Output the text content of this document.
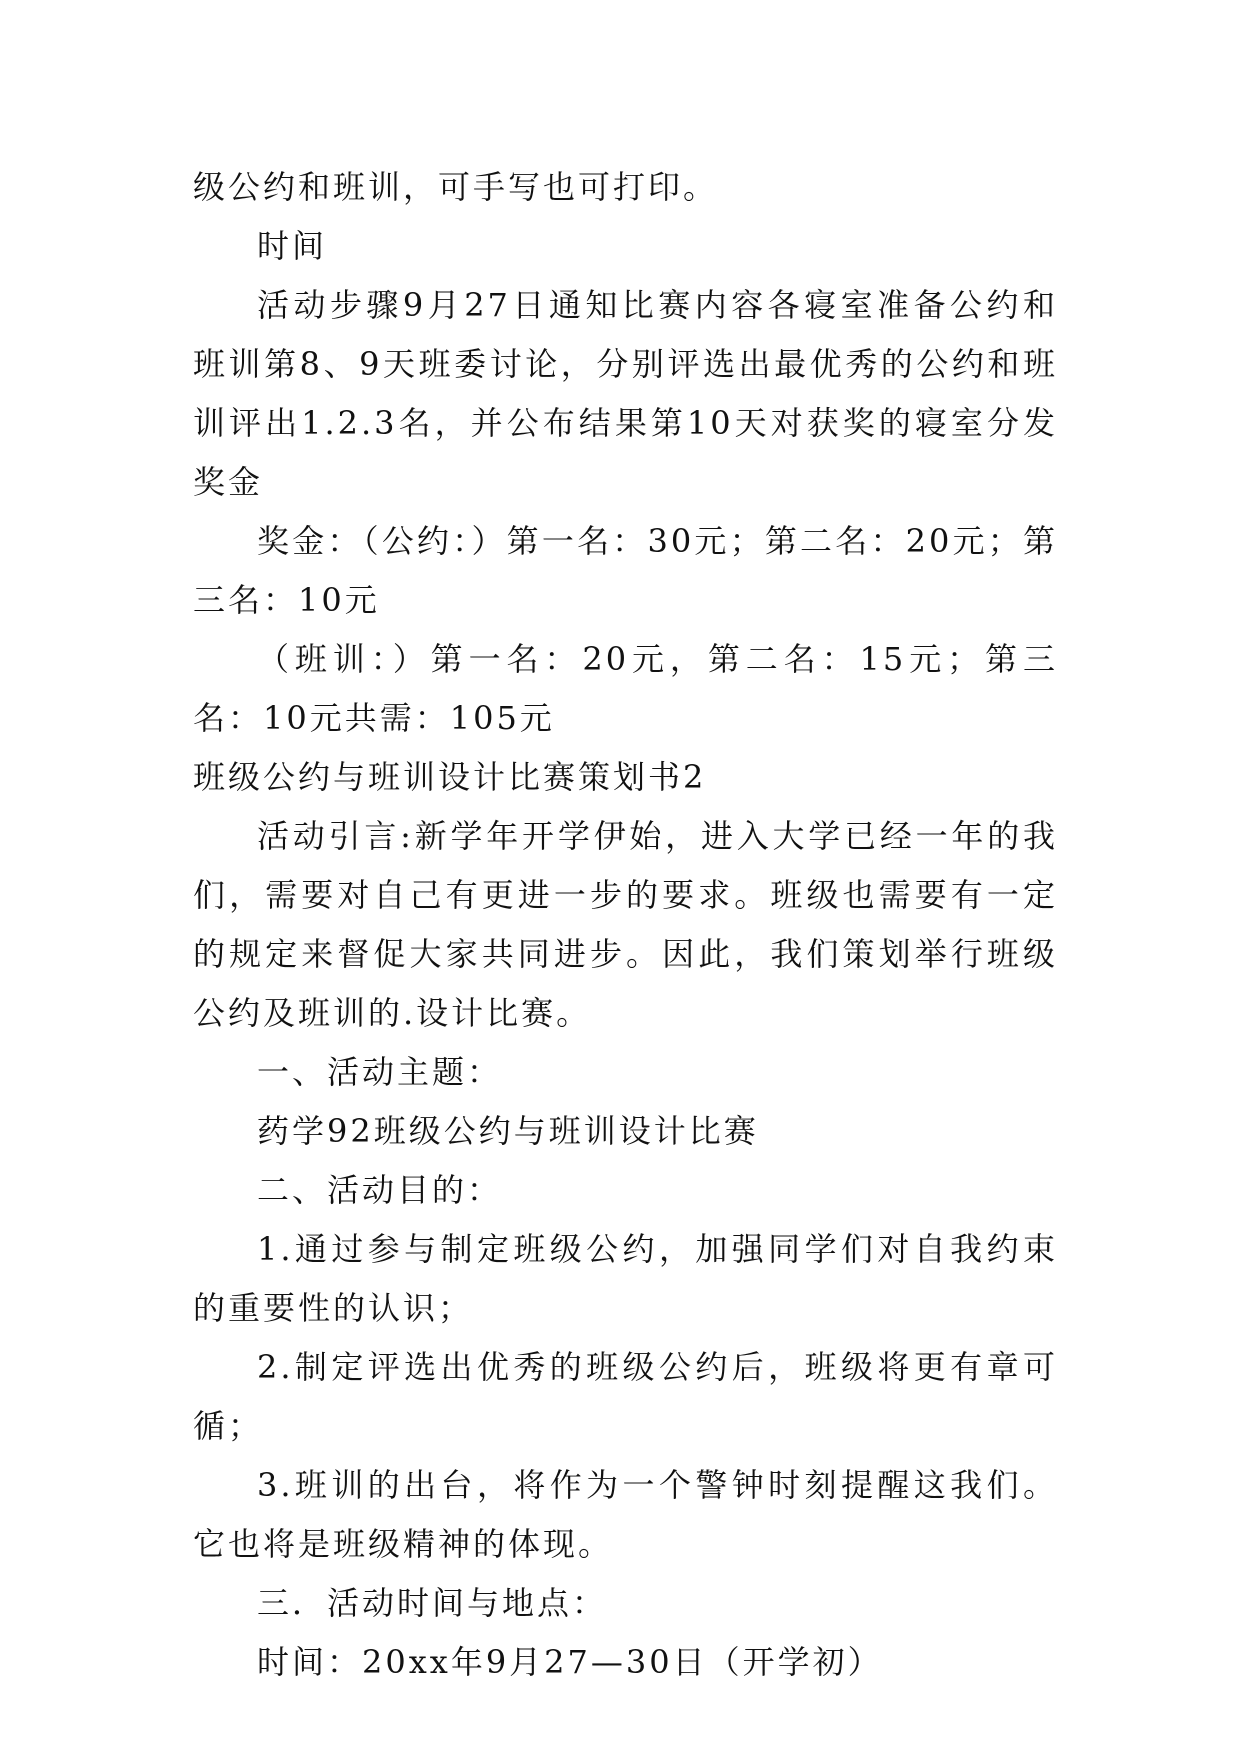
级公约和班训，可手写也可打印。

时间

活动步骤9月27日通知比赛内容各寝室准备公约和班训第8、9天班委讨论，分别评选出最优秀的公约和班训评出1.2.3名，并公布结果第10天对获奖的寝室分发奖金

奖金：（公约：）第一名：30元；第二名：20元；第三名：10元

（班训：）第一名：20元，第二名：15元；第三名：10元共需：105元

班级公约与班训设计比赛策划书2

活动引言:新学年开学伊始，进入大学已经一年的我们，需要对自己有更进一步的要求。班级也需要有一定的规定来督促大家共同进步。因此，我们策划举行班级公约及班训的.设计比赛。

一、活动主题：

药学92班级公约与班训设计比赛

二、活动目的：

1.通过参与制定班级公约，加强同学们对自我约束的重要性的认识；

2.制定评选出优秀的班级公约后，班级将更有章可循；

3.班训的出台，将作为一个警钟时刻提醒这我们。它也将是班级精神的体现。

三．活动时间与地点：

时间：20xx年9月27—30日（开学初）
